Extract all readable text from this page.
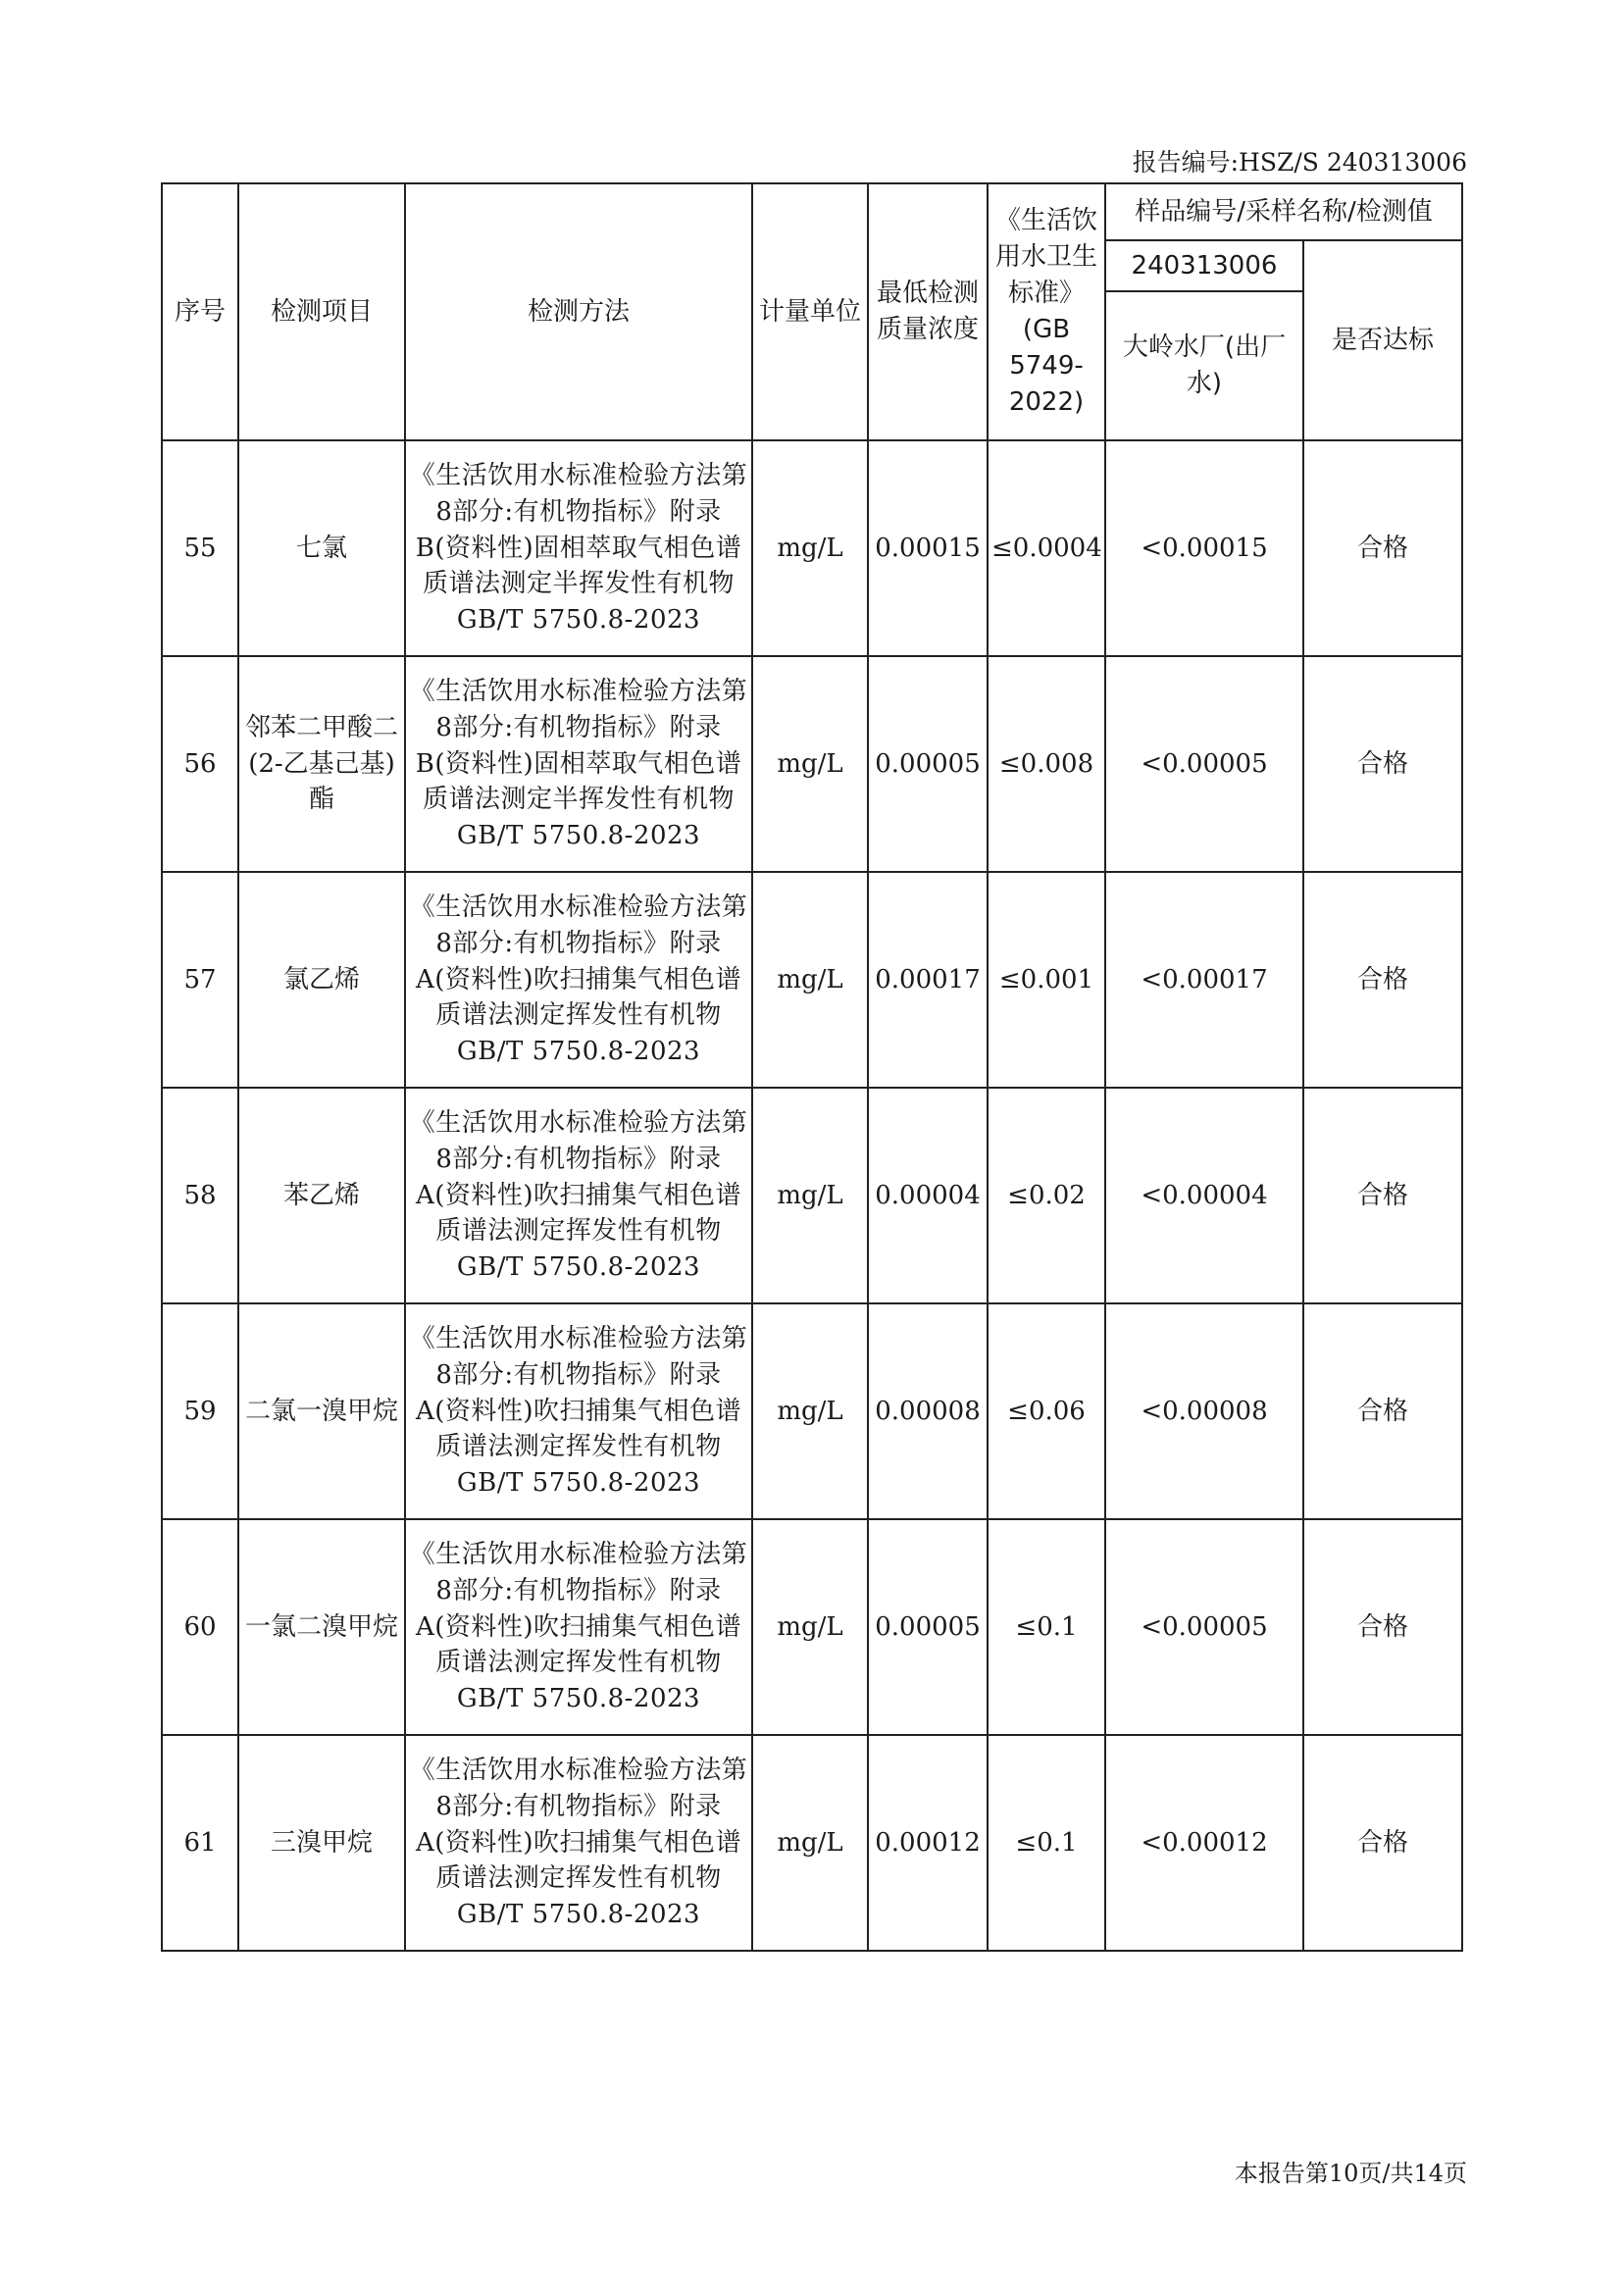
报告编号:HSZ/S 240313006
序号	检测项目	检测方法	计量单位	最低检测质量浓度	《生活饮用水卫生标准》(GB 5749-2022)	样品编号/采样名称/检测值	
						240313006	是否达标
						大岭水厂(出厂水)	
55	七氯	《生活饮用水标准检验方法第8部分:有机物指标》附录B(资料性)固相萃取气相色谱质谱法测定半挥发性有机物 GB/T 5750.8-2023	mg/L	0.00015	≤0.0004	<0.00015	合格
56	邻苯二甲酸二(2-乙基己基)酯	《生活饮用水标准检验方法第8部分:有机物指标》附录B(资料性)固相萃取气相色谱质谱法测定半挥发性有机物 GB/T 5750.8-2023	mg/L	0.00005	≤0.008	<0.00005	合格
57	氯乙烯	《生活饮用水标准检验方法第8部分:有机物指标》附录A(资料性)吹扫捕集气相色谱质谱法测定挥发性有机物 GB/T 5750.8-2023	mg/L	0.00017	≤0.001	<0.00017	合格
58	苯乙烯	《生活饮用水标准检验方法第8部分:有机物指标》附录A(资料性)吹扫捕集气相色谱质谱法测定挥发性有机物 GB/T 5750.8-2023	mg/L	0.00004	≤0.02	<0.00004	合格
59	二氯一溴甲烷	《生活饮用水标准检验方法第8部分:有机物指标》附录A(资料性)吹扫捕集气相色谱质谱法测定挥发性有机物 GB/T 5750.8-2023	mg/L	0.00008	≤0.06	<0.00008	合格
60	一氯二溴甲烷	《生活饮用水标准检验方法第8部分:有机物指标》附录A(资料性)吹扫捕集气相色谱质谱法测定挥发性有机物 GB/T 5750.8-2023	mg/L	0.00005	≤0.1	<0.00005	合格
61	三溴甲烷	《生活饮用水标准检验方法第8部分:有机物指标》附录A(资料性)吹扫捕集气相色谱质谱法测定挥发性有机物 GB/T 5750.8-2023	mg/L	0.00012	≤0.1	<0.00012	合格
本报告第10页/共14页
